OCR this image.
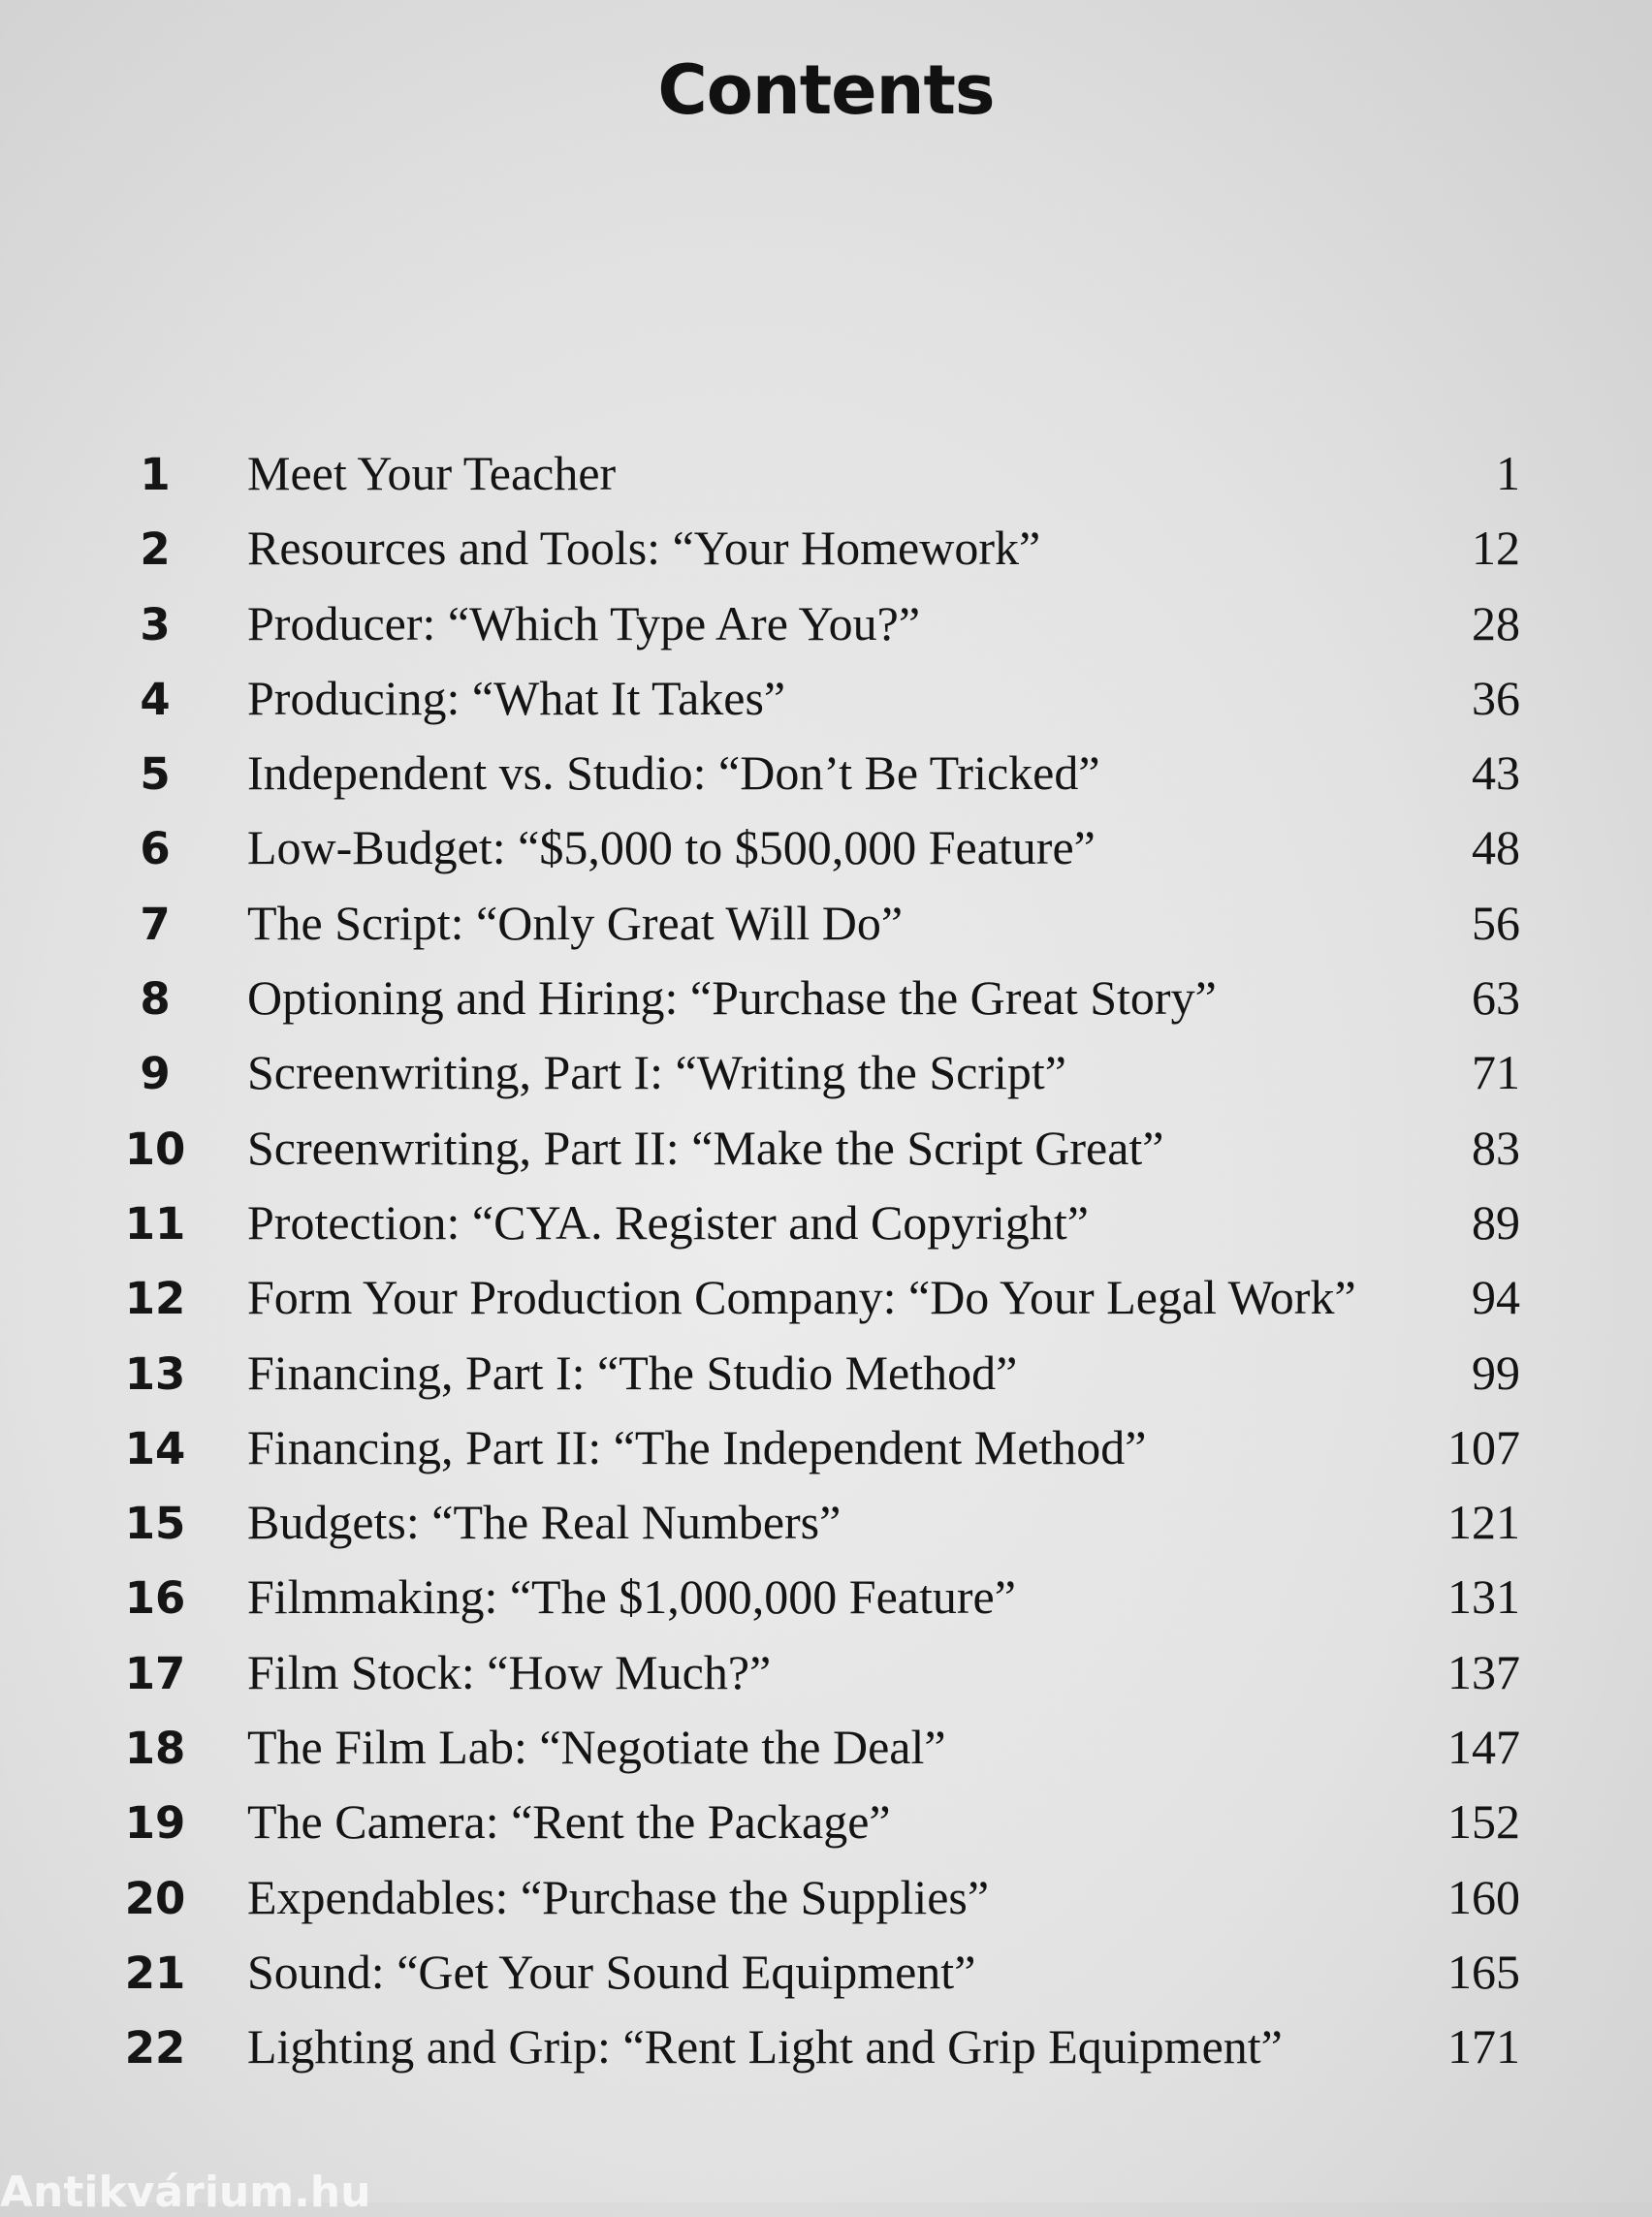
Contents
1	Meet Your Teacher	1
2	Resources and Tools: “Your Homework”	12
3	Producer: “Which Type Are You?”	28
4	Producing: “What It Takes”	36
5	Independent vs. Studio: “Don’t Be Tricked”	43
6	Low-Budget: “$5,000 to $500,000 Feature”	48
7	The Script: “Only Great Will Do”	56
8	Optioning and Hiring: “Purchase the Great Story”	63
9	Screenwriting, Part I: “Writing the Script”	71
10	Screenwriting, Part II: “Make the Script Great”	83
11	Protection: “CYA. Register and Copyright”	89
12	Form Your Production Company: “Do Your Legal Work” 94
13	Financing, Part I: “The Studio Method”	99
14	Financing, Part II: “The Independent Method”	107
15	Budgets: “The Real Numbers”	121
16	Filmmaking: “The $1,000,000 Feature”	131
17	Film Stock: “How Much?”	137
18	The Film Lab: “Negotiate the Deal”	147
19	The Camera: “Rent the Package”	152
20	Expendables: “Purchase the Supplies”	160
21	Sound: “Get Your Sound Equipment”	165
22	Lighting and Grip: “Rent Light and Grip Equipment”	171
Antikvárium.hu
